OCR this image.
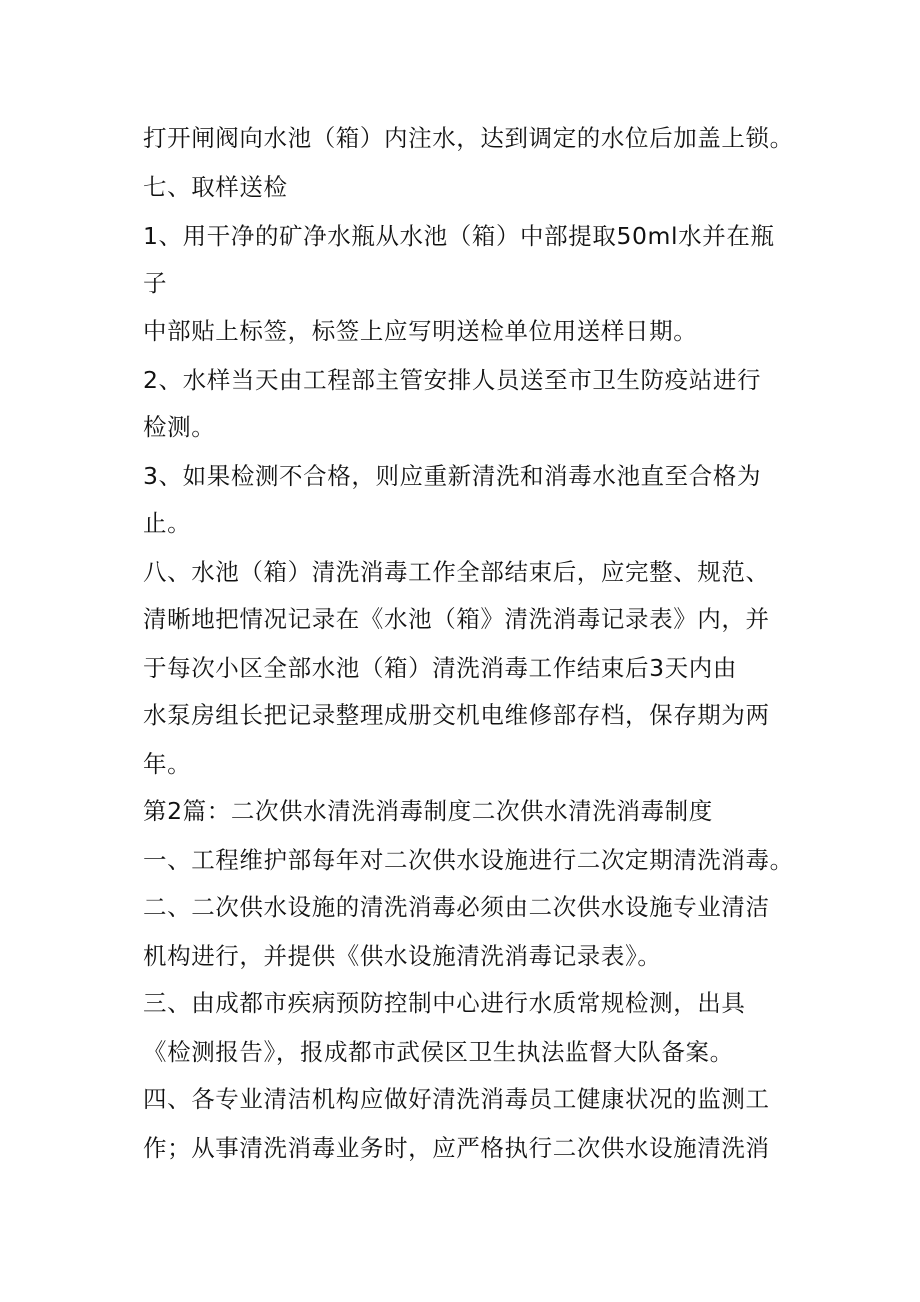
打开闸阀向水池（箱）内注水，达到调定的水位后加盖上锁。
七、取样送检
1、用干净的矿净水瓶从水池（箱）中部提取50ml水并在瓶
子
中部贴上标签，标签上应写明送检单位用送样日期。
2、水样当天由工程部主管安排人员送至市卫生防疫站进行
检测。
3、如果检测不合格，则应重新清洗和消毒水池直至合格为
止。
八、水池（箱）清洗消毒工作全部结束后，应完整、规范、
清晰地把情况记录在《水池（箱》清洗消毒记录表》内，并
于每次小区全部水池（箱）清洗消毒工作结束后3天内由
水泵房组长把记录整理成册交机电维修部存档，保存期为两
年。
第2篇：二次供水清洗消毒制度二次供水清洗消毒制度
一、工程维护部每年对二次供水设施进行二次定期清洗消毒。
二、二次供水设施的清洗消毒必须由二次供水设施专业清洁
机构进行，并提供《供水设施清洗消毒记录表》。
三、由成都市疾病预防控制中心进行水质常规检测，出具
《检测报告》，报成都市武侯区卫生执法监督大队备案。
四、各专业清洁机构应做好清洗消毒员工健康状况的监测工
作；从事清洗消毒业务时，应严格执行二次供水设施清洗消
